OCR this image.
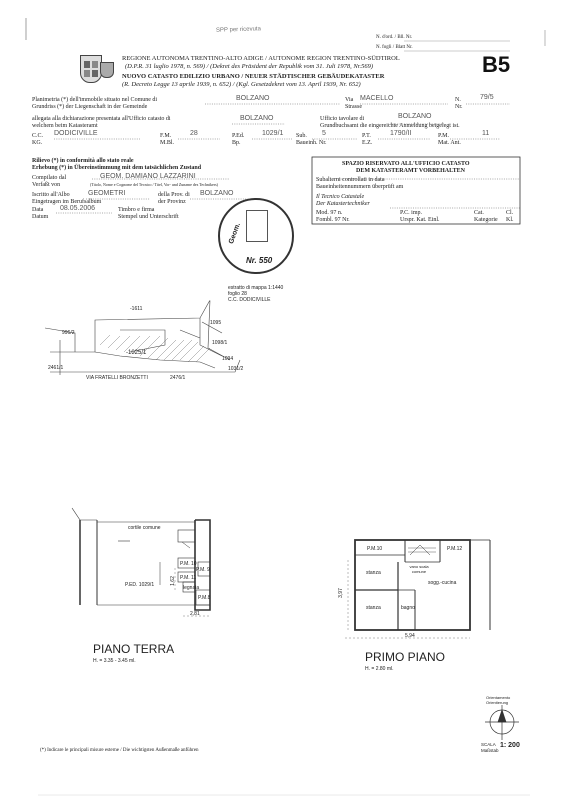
SPP per ricevuta
N. d'ord. / Bll. Nr.
N. fogli / Blatt Nr.
B5
REGIONE AUTONOMA TRENTINO-ALTO ADIGE / AUTONOME REGION TRENTINO-SÜDTIROL
(D.P.R. 31 luglio 1978, n. 569) / (Dekret des Präsident der Republik vom 31. Juli 1978, Nr.569)
NUOVO CATASTO EDILIZIO URBANO / NEUER STÄDTISCHER GEBÄUDEKATASTER
(R. Decreto Legge 13 aprile 1939, n. 652) / (Kgl. Gesetzdekret vom 13. April 1939, Nr. 652)
Planimetria (*) dell'immobile situato nel Comune di
Grundriss (*) der Liegenschaft in der Gemeinde
BOLZANO	Via
Strasse
MACELLO	N.
Nr.
79/5
allegata alla dichiarazione presentata all'Ufficio catasto di
welchem beim Katasteramt
BOLZANO	Ufficio tavolare di	BOLZANO
Grundbuchsamt die eingereichte Anmeldung beigelegt ist.
C.C.
KG.
DODICIVILLE	F.M.
M.Bl.
28	P.Ed.
Bp.
1029/1 Sub.
Baueinh. Nr.
5	P.T.
E.Z.
1790/II	P.M.
Mat. Ant.
11
Rilievo (*) in conformità allo stato reale
Erhebung (*) in Übereinstimmung mit dem tatsächlichen Zustand
Compilato dal
Verfaßt von
GEOM. DAMIANO LAZZARINI
(Titolo, Nome e Cognome del Tecnico / Titel, Vor- und Zuname des Technikers)
Iscritto all'Albo
Eingetragen im Berufsalbum
GEOMETRI	della Prov. di
der Provinz
BOLZANO
Data
Datum
08.05.2006	Timbro e firma
Stempel und Unterschrift
Geom.
Nr. 550
SPAZIO RISERVATO ALL'UFFICIO CATASTO
DEM KATASTERAMT VORBEHALTEN
Subalterni controllati in data
Baueinheitennummern überprüft am
Il Tecnico Catastale
Der Katastertechniker
Mod. 97 n.
Fombl. 97 Nr.
P.C. imp.
Urspr. Kat. Einl.
Cat.
Kategorie
Cl.
Kl.
estratto di mappa 1:1440
foglio 28
C.C. DODICIVILLE
-1611
-1025/1
VIA FRATELLI BRONZETTI
2461/1
2476/1
996/2
1095
1098/1
1094
1031/2
cortile comune
P.ED. 1029/1
P.M. 10
P.M. 11
legnaia
P.M. 9
P.M.8
2,81
1,62
PIANO TERRA
H. = 3.35 - 3.45 ml.
P.M.10	P.M.12
vano scala comune
stanza
stanza
sogg.-cucina
bagno
5,94
3,97
PRIMO PIANO
H. = 2.80 ml.
(*) Indicare le principali misure esterne / Die wichtigsten Außenmaße anführen
Orientamento
Orientierung
SCALA
Maßstab
1: 200
